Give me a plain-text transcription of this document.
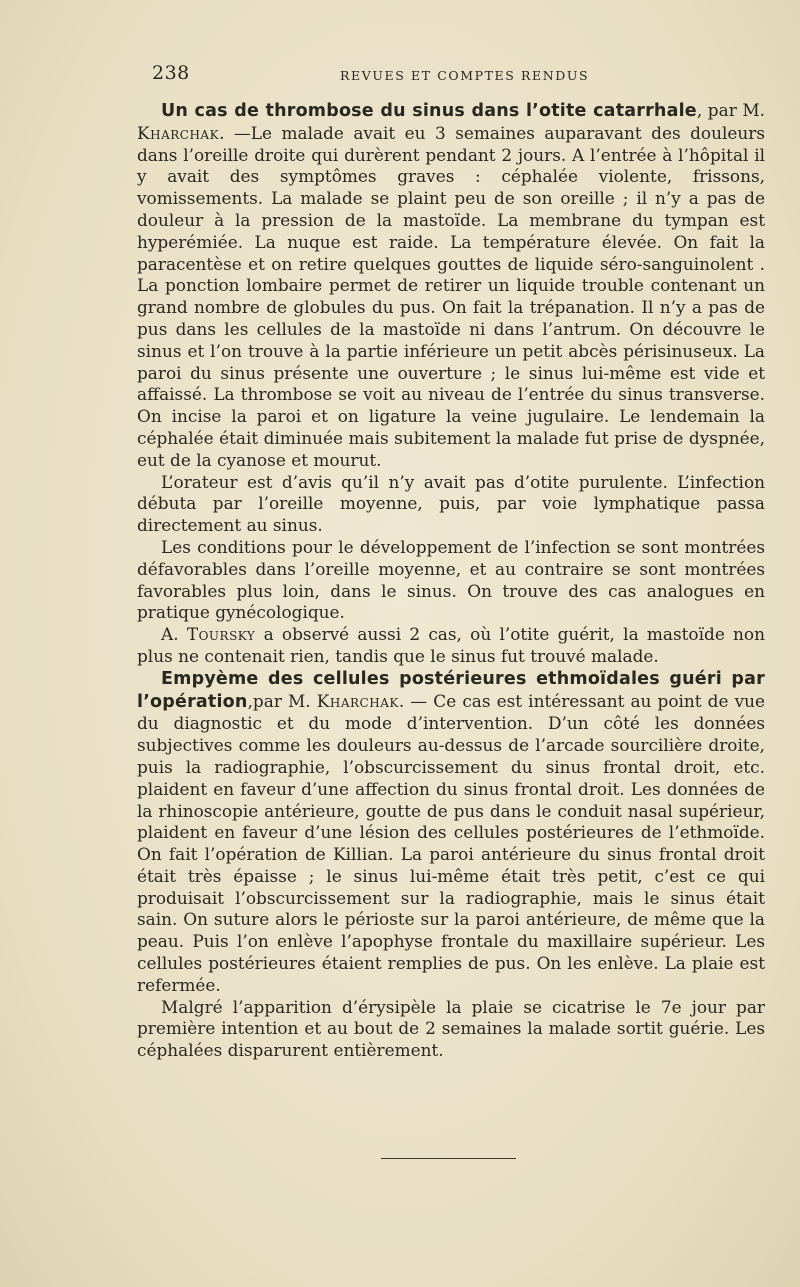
238	REVUES ET COMPTES RENDUS

Un cas de thrombose du sinus dans l’otite catarrhale, par M. Kharchak. —Le malade avait eu 3 semaines auparavant des douleurs dans l’oreille droite qui durèrent pendant 2 jours. A l’entrée à l’hôpital il y avait des symptômes graves : céphalée violente, frissons, vomissements. La malade se plaint peu de son oreille ; il n’y a pas de douleur à la pression de la mastoïde. La membrane du tympan est hyperémiée. La nuque est raide. La température élevée. On fait la paracentèse et on retire quelques gouttes de liquide séro-sanguinolent . La ponction lombaire permet de retirer un liquide trouble contenant un grand nombre de globules du pus. On fait la trépanation. Il n’y a pas de pus dans les cellules de la mastoïde ni dans l’antrum. On découvre le sinus et l’on trouve à la partie inférieure un petit abcès périsinuseux. La paroi du sinus présente une ouverture ; le sinus lui-même est vide et affaissé. La thrombose se voit au niveau de l’entrée du sinus transverse. On incise la paroi et on ligature la veine jugulaire. Le lendemain la céphalée était diminuée mais subitement la malade fut prise de dyspnée, eut de la cyanose et mourut.

L’orateur est d’avis qu’il n’y avait pas d’otite purulente. L’infection débuta par l’oreille moyenne, puis, par voie lymphatique passa directement au sinus.

Les conditions pour le développement de l’infection se sont montrées défavorables dans l’oreille moyenne, et au contraire se sont montrées favorables plus loin, dans le sinus. On trouve des cas analogues en pratique gynécologique.

A. Toursky a observé aussi 2 cas, où l’otite guérit, la mastoïde non plus ne contenait rien, tandis que le sinus fut trouvé malade.

Empyème des cellules postérieures ethmoïdales guéri par l’opération,par M. Kharchak. — Ce cas est intéressant au point de vue du diagnostic et du mode d’intervention. D’un côté les données subjectives comme les douleurs au-dessus de l’arcade sourcilière droite, puis la radiographie, l’obscurcissement du sinus frontal droit, etc. plaident en faveur d’une affection du sinus frontal droit. Les données de la rhinoscopie antérieure, goutte de pus dans le conduit nasal supérieur, plaident en faveur d’une lésion des cellules postérieures de l’ethmoïde. On fait l’opération de Killian. La paroi antérieure du sinus frontal droit était très épaisse ; le sinus lui-même était très petit, c’est ce qui produisait l’obscurcissement sur la radiographie, mais le sinus était sain. On suture alors le périoste sur la paroi antérieure, de même que la peau. Puis l’on enlève l’apophyse frontale du maxillaire supérieur. Les cellules postérieures étaient remplies de pus. On les enlève. La plaie est refermée.

Malgré l’apparition d’érysipèle la plaie se cicatrise le 7e jour par première intention et au bout de 2 semaines la malade sortit guérie. Les céphalées disparurent entièrement.
